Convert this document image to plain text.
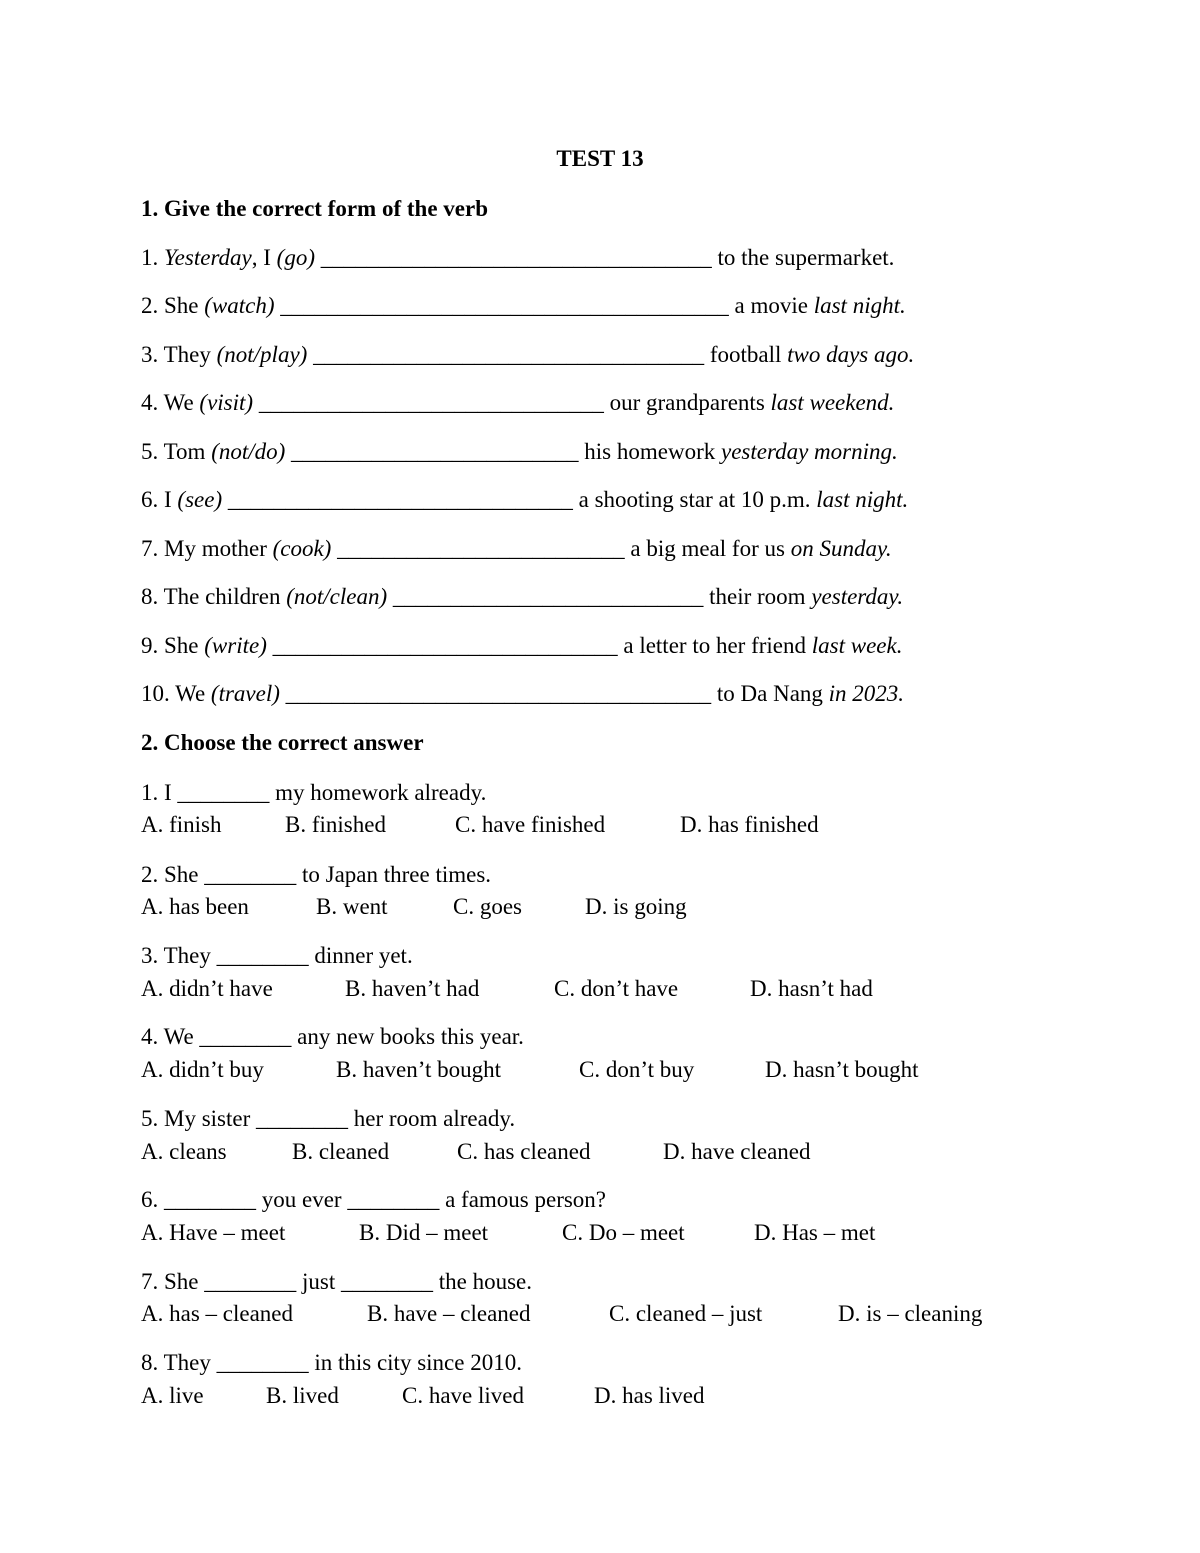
TEST 13
1. Give the correct form of the verb
1. Yesterday, I (go) __________________________________ to the supermarket.
2. She (watch) _______________________________________ a movie last night.
3. They (not/play) __________________________________ football two days ago.
4. We (visit) ______________________________ our grandparents last weekend.
5. Tom (not/do) _________________________ his homework yesterday morning.
6. I (see) ______________________________ a shooting star at 10 p.m. last night.
7. My mother (cook) _________________________ a big meal for us on Sunday.
8. The children (not/clean) ___________________________ their room yesterday.
9. She (write) ______________________________ a letter to her friend last week.
10. We (travel) _____________________________________ to Da Nang in 2023.
2. Choose the correct answer
1. I ________ my homework already.
A. finish	B. finished	C. have finished	D. has finished
2. She ________ to Japan three times.
A. has been	B. went	C. goes	D. is going
3. They ________ dinner yet.
A. didn’t have	B. haven’t had	C. don’t have	D. hasn’t had
4. We ________ any new books this year.
A. didn’t buy	B. haven’t bought	C. don’t buy	D. hasn’t bought
5. My sister ________ her room already.
A. cleans	B. cleaned	C. has cleaned	D. have cleaned
6. ________ you ever ________ a famous person?
A. Have – meet	B. Did – meet	C. Do – meet	D. Has – met
7. She ________ just ________ the house.
A. has – cleaned	B. have – cleaned	C. cleaned – just	D. is – cleaning
8. They ________ in this city since 2010.
A. live	B. lived	C. have lived	D. has lived
